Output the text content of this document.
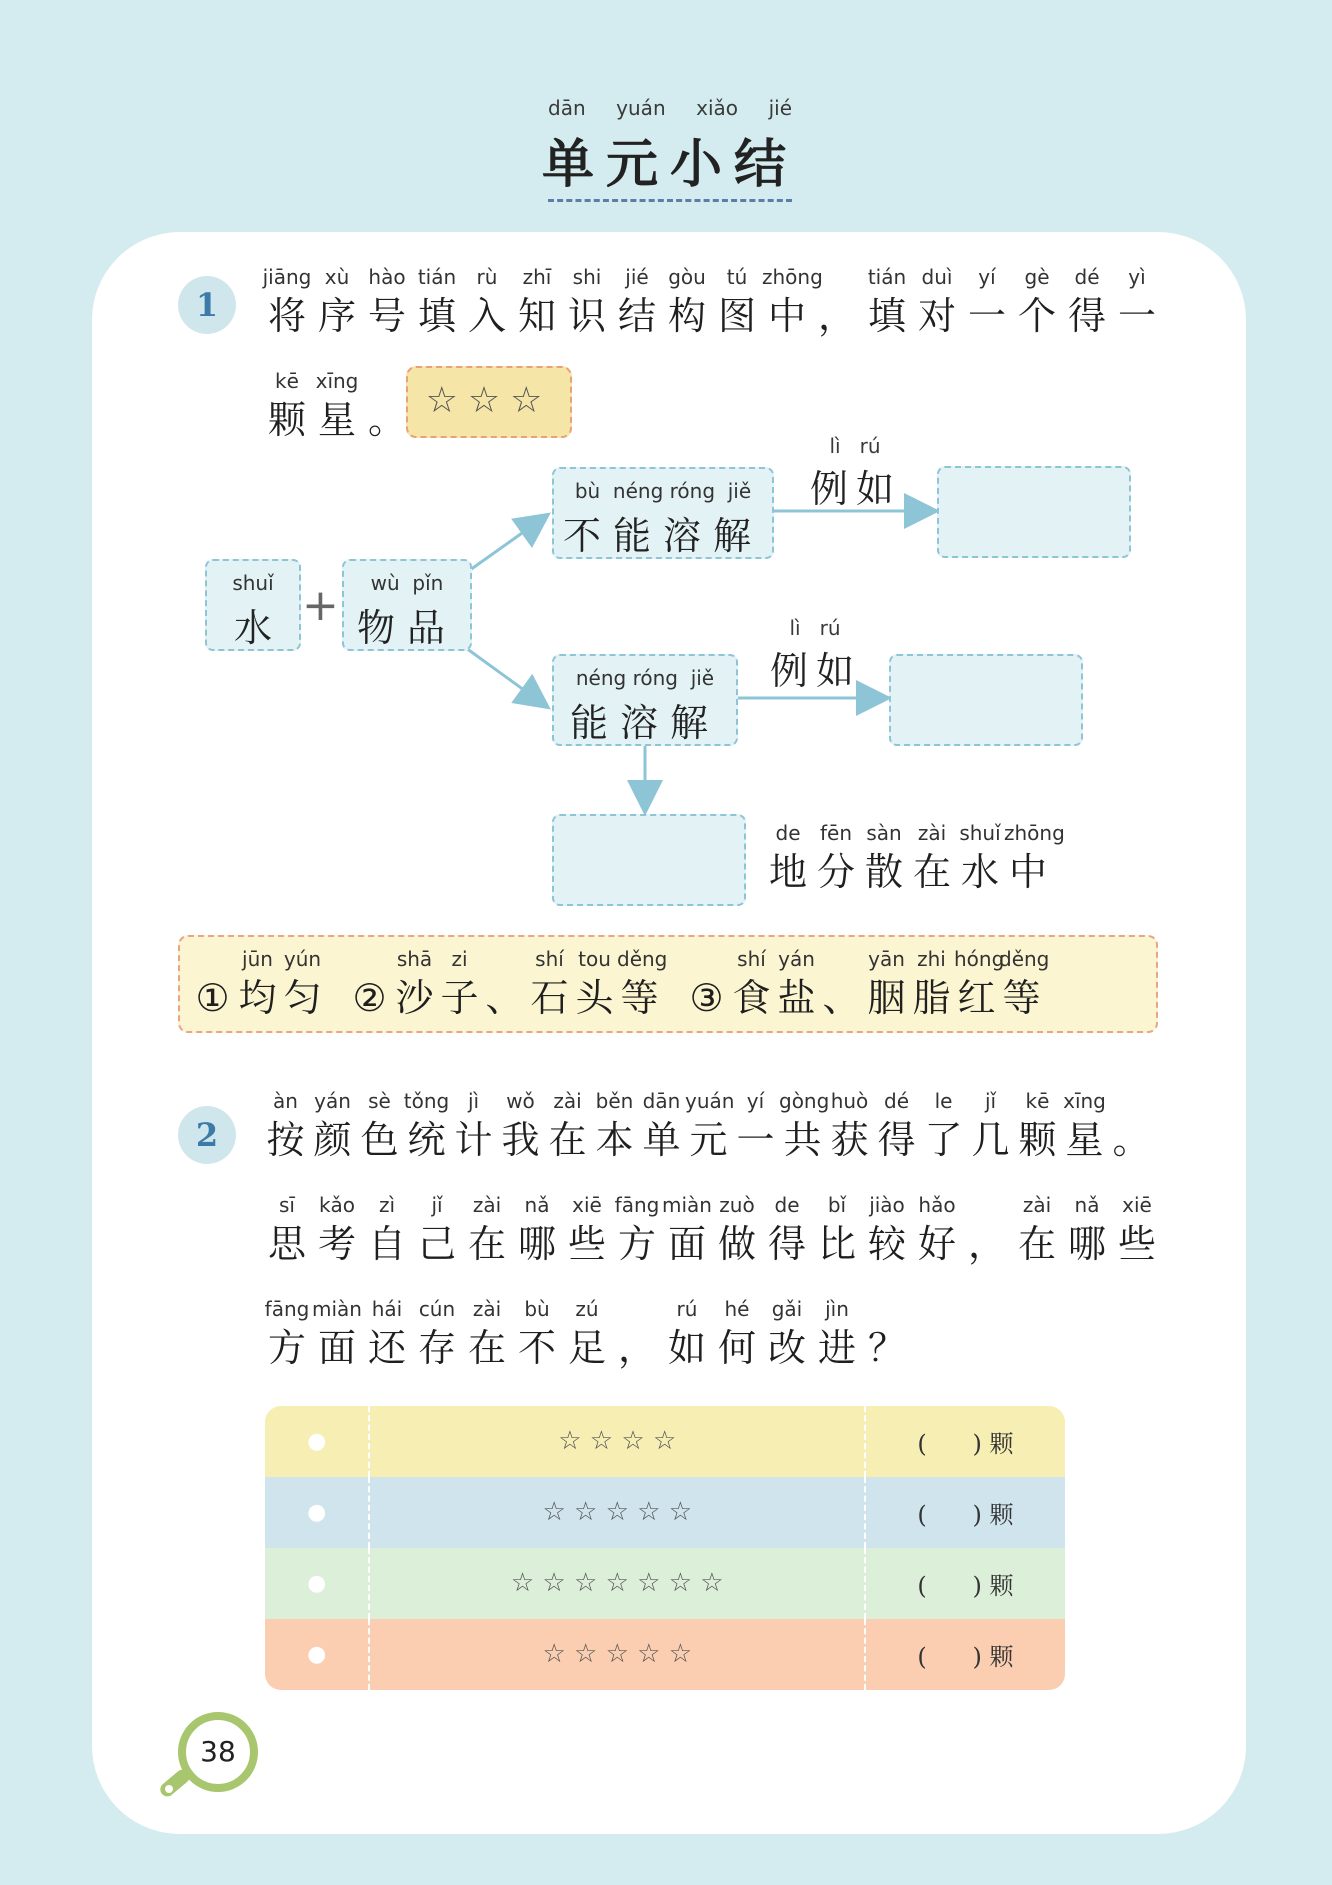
dān yuán xiǎo jié
单元小结
1
jiāng
将
xù
序
hào
号
tián
填
rù
入
zhī
知
shi
识
jié
结
gòu
构
tú
图
zhōng
中 ，
tián
填
duì
对
yí
一
gè
个
dé
得
yì
一
kē
颗
xīng
星 。 ☆☆☆
shuǐ
水 +	wù  pǐn
物品
bù  néng róng  jiě
不能溶解
lì   rú
例如
néng róng  jiě
能溶解
lì   rú
例如
de
地
fēn
分
sàn
散
zài
在
shuǐ
水
zhōng
中
①
jūn
均
yún
匀 ②
shā
沙
zi
子 、
shí
石
tou
头
děng
等 ③
shí
食
yán
盐 、
yān
胭
zhi
脂
hóng
红
děng
等
2
àn
按
yán
颜
sè
色
tǒng
统
jì
计
wǒ
我
zài
在
běn
本
dān
单
yuán
元
yí
一
gòng
共
huò
获
dé
得
le
了
jǐ
几
kē
颗
xīng
星 。
sī
思
kǎo
考
zì
自
jǐ
己
zài
在
nǎ
哪
xiē
些
fāng
方
miàn
面
zuò
做
de
得
bǐ
比
jiào
较
hǎo
好 ，
zài
在
nǎ
哪
xiē
些
fāng
方
miàn
面
hái
还
cún
存
zài
在
bù
不
zú
足 ，
rú
如
hé
何
gǎi
改
jìn
进 ？
●	☆ ☆ ☆ ☆	(      ) 颗
●	☆ ☆ ☆ ☆ ☆	(      ) 颗
●	☆ ☆ ☆ ☆ ☆ ☆ ☆	(      ) 颗
●	☆ ☆ ☆ ☆ ☆	(      ) 颗
38
